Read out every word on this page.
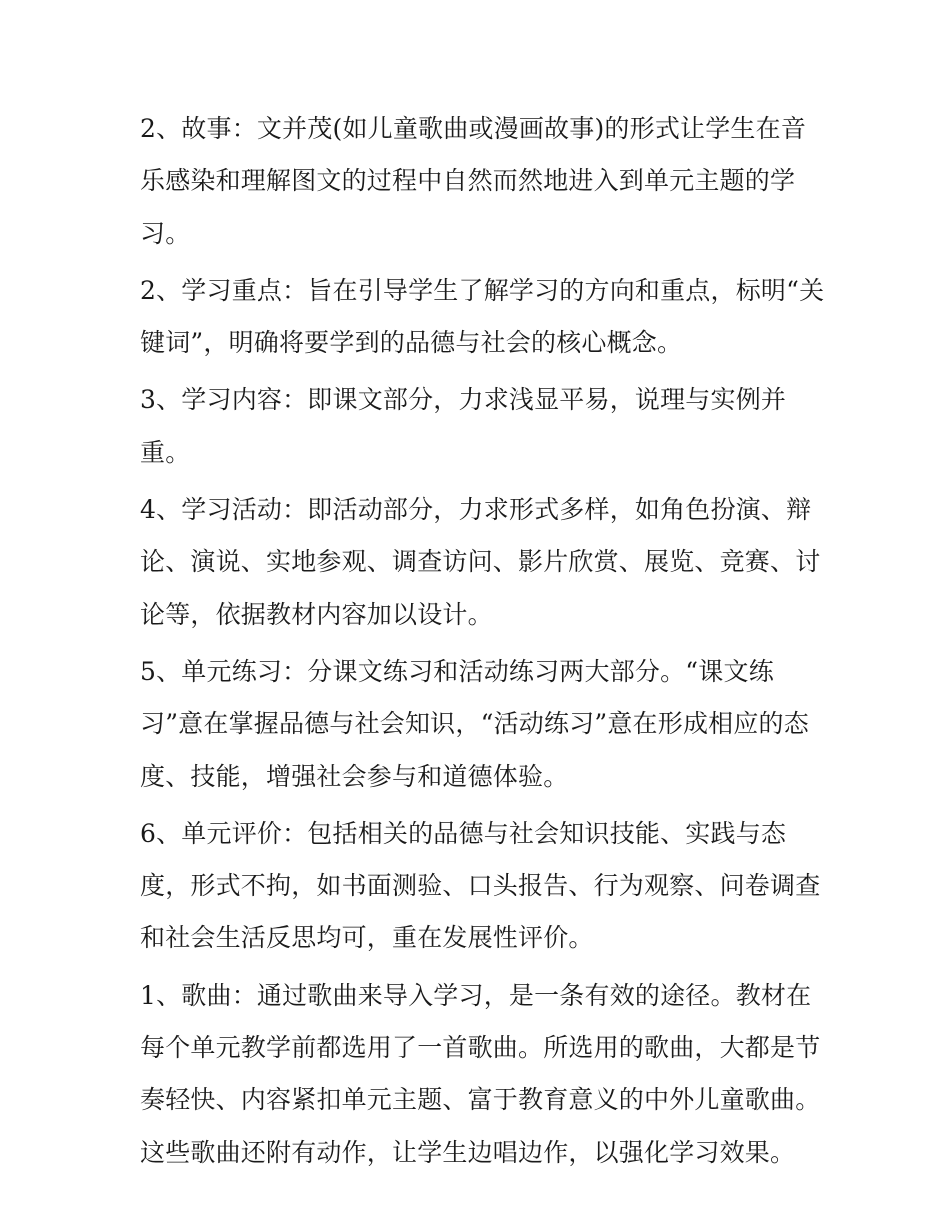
2、故事：文并茂(如儿童歌曲或漫画故事)的形式让学生在音
乐感染和理解图文的过程中自然而然地进入到单元主题的学
习。

2、学习重点：旨在引导学生了解学习的方向和重点，标明“关
键词”，明确将要学到的品德与社会的核心概念。

3、学习内容：即课文部分，力求浅显平易，说理与实例并
重。

4、学习活动：即活动部分，力求形式多样，如角色扮演、辩
论、演说、实地参观、调查访问、影片欣赏、展览、竞赛、讨
论等，依据教材内容加以设计。

5、单元练习：分课文练习和活动练习两大部分。“课文练
习”意在掌握品德与社会知识，“活动练习”意在形成相应的态
度、技能，增强社会参与和道德体验。

6、单元评价：包括相关的品德与社会知识技能、实践与态
度，形式不拘，如书面测验、口头报告、行为观察、问卷调查
和社会生活反思均可，重在发展性评价。

1、歌曲：通过歌曲来导入学习，是一条有效的途径。教材在
每个单元教学前都选用了一首歌曲。所选用的歌曲，大都是节
奏轻快、内容紧扣单元主题、富于教育意义的中外儿童歌曲。
这些歌曲还附有动作，让学生边唱边作，以强化学习效果。
